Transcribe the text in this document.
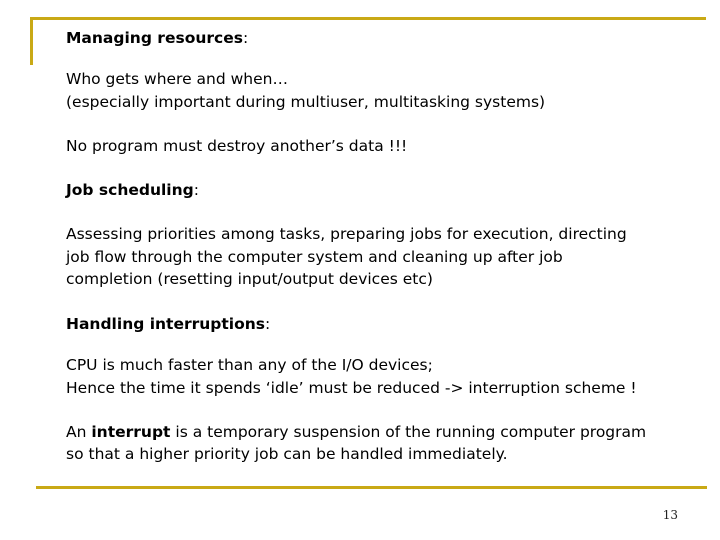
Managing resources:
Who gets where and when…
(especially important during multiuser, multitasking systems)
No program must destroy another’s data !!!
Job scheduling:
Assessing priorities among tasks, preparing jobs for execution, directing
job flow through the computer system and cleaning up after job
completion (resetting input/output devices etc)
Handling interruptions:
CPU is much faster than any of the I/O devices;
Hence the time it spends ‘idle’ must be reduced -> interruption scheme !
An interrupt is a temporary suspension of the running computer program
so that a higher priority job can be handled immediately.
13
